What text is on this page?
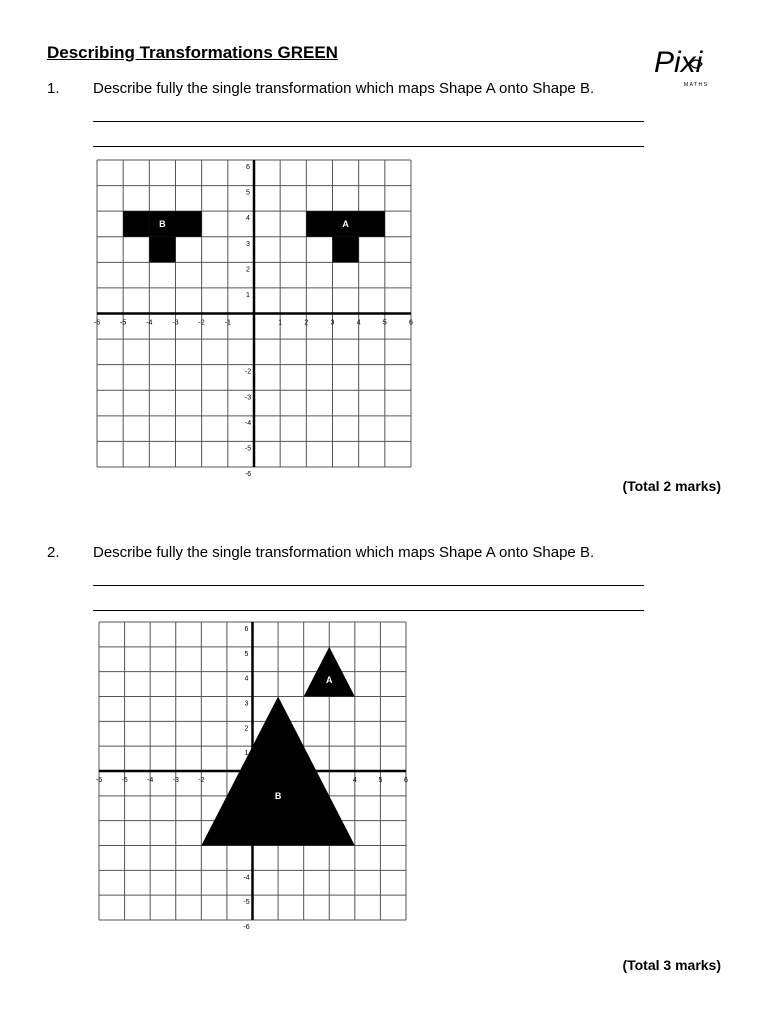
Describing Transformations GREEN	Pixi
MATHS
1. Describe fully the single transformation which maps Shape A onto Shape B.
A
B
-6	-5	-4	-3	-2	-1	1	2	3	4	5	6
1
2
3
4
5
6
-2
-3
-4
-5
-6
(Total 2 marks)
2. Describe fully the single transformation which maps Shape A onto Shape B.
A
B
-6	-5	-4	-3	-2	4	5	6
1
2
3
4
5
6
-4
-5
-6
(Total 3 marks)
